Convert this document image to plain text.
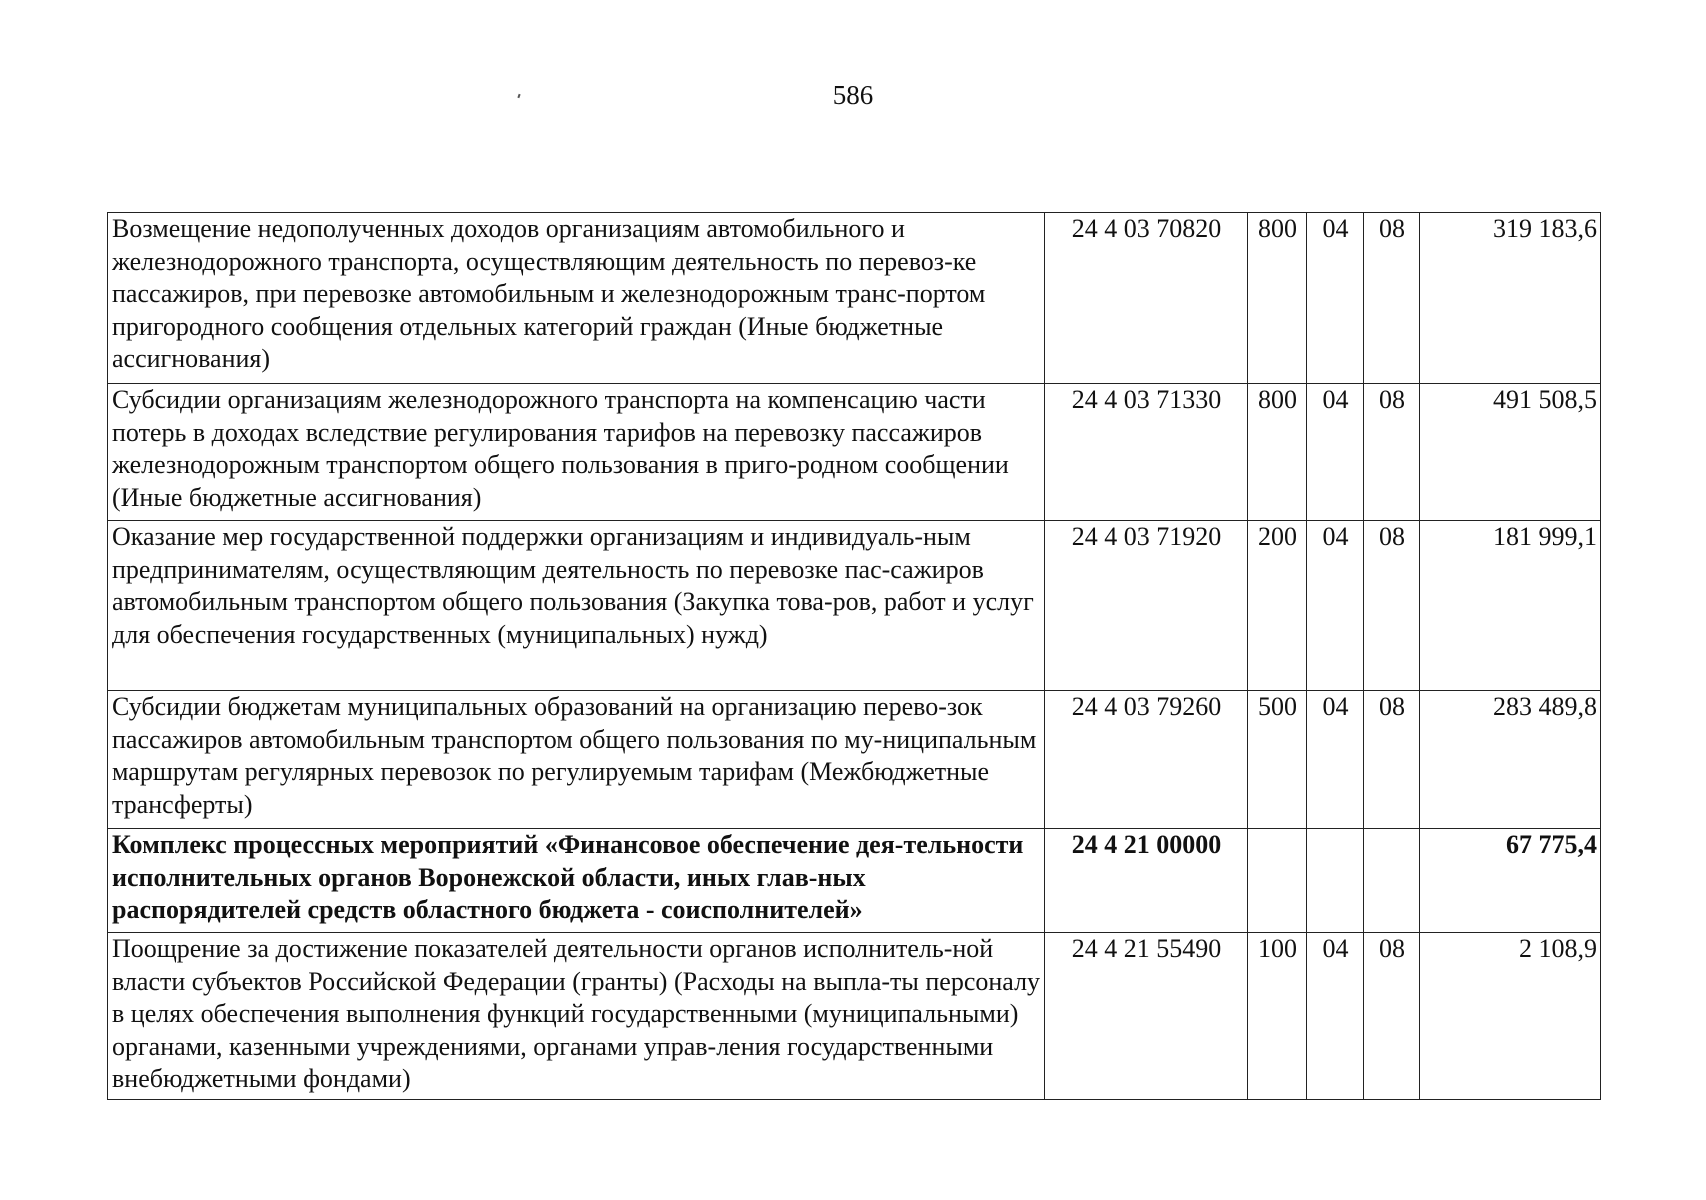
586
Возмещение недополученных доходов организациям автомобильного и железнодорожного транспорта, осуществляющим деятельность по перевоз-ке пассажиров, при перевозке автомобильным и железнодорожным транс-портом пригородного сообщения отдельных категорий граждан (Иные бюджетные ассигнования)	24 4 03 70820	800	04	08	319 183,6
Субсидии организациям железнодорожного транспорта на компенсацию части потерь в доходах вследствие регулирования тарифов на перевозку пассажиров железнодорожным транспортом общего пользования в приго-родном сообщении (Иные бюджетные ассигнования)	24 4 03 71330	800	04	08	491 508,5
Оказание мер государственной поддержки организациям и индивидуаль-ным предпринимателям, осуществляющим деятельность по перевозке пас-сажиров автомобильным транспортом общего пользования (Закупка това-ров, работ и услуг для обеспечения государственных (муниципальных) нужд)	24 4 03 71920	200	04	08	181 999,1
Субсидии бюджетам муниципальных образований на организацию перево-зок пассажиров автомобильным транспортом общего пользования по му-ниципальным маршрутам регулярных перевозок по регулируемым тарифам (Межбюджетные трансферты)	24 4 03 79260	500	04	08	283 489,8
Комплекс процессных мероприятий «Финансовое обеспечение дея-тельности исполнительных органов Воронежской области, иных глав-ных распорядителей средств областного бюджета - соисполнителей»	24 4 21 00000				67 775,4
Поощрение за достижение показателей деятельности органов исполнитель-ной власти субъектов Российской Федерации (гранты) (Расходы на выпла-ты персоналу в целях обеспечения выполнения функций государственными (муниципальными) органами, казенными учреждениями, органами управ-ления государственными внебюджетными фондами)	24 4 21 55490	100	04	08	2 108,9
